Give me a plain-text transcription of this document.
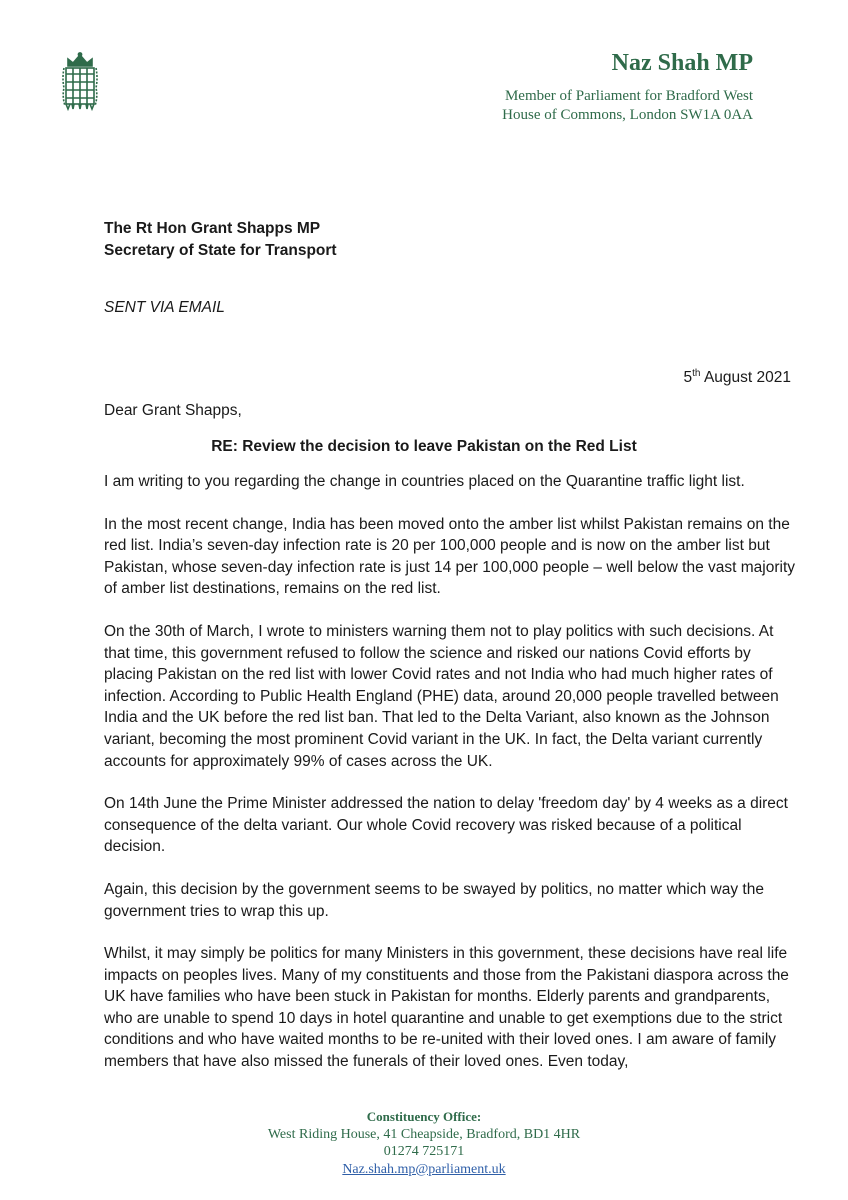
Naz Shah MP
Member of Parliament for Bradford West
House of Commons, London SW1A 0AA
The Rt Hon Grant Shapps MP
Secretary of State for Transport
SENT VIA EMAIL
5th August 2021
Dear Grant Shapps,
RE: Review the decision to leave Pakistan on the Red List

I am writing to you regarding the change in countries placed on the Quarantine traffic light list.

In the most recent change, India has been moved onto the amber list whilst Pakistan remains on the red list. India’s seven-day infection rate is 20 per 100,000 people and is now on the amber list but Pakistan, whose seven-day infection rate is just 14 per 100,000 people – well below the vast majority of amber list destinations, remains on the red list.

On the 30th of March, I wrote to ministers warning them not to play politics with such decisions. At that time, this government refused to follow the science and risked our nations Covid efforts by placing Pakistan on the red list with lower Covid rates and not India who had much higher rates of infection. According to Public Health England (PHE) data, around 20,000 people travelled between India and the UK before the red list ban. That led to the Delta Variant, also known as the Johnson variant, becoming the most prominent Covid variant in the UK. In fact, the Delta variant currently accounts for approximately 99% of cases across the UK.

On 14th June the Prime Minister addressed the nation to delay 'freedom day' by 4 weeks as a direct consequence of the delta variant. Our whole Covid recovery was risked because of a political decision.

Again, this decision by the government seems to be swayed by politics, no matter which way the government tries to wrap this up.

Whilst, it may simply be politics for many Ministers in this government, these decisions have real life impacts on peoples lives. Many of my constituents and those from the Pakistani diaspora across the UK have families who have been stuck in Pakistan for months. Elderly parents and grandparents, who are unable to spend 10 days in hotel quarantine and unable to get exemptions due to the strict conditions and who have waited months to be re-united with their loved ones. I am aware of family members that have also missed the funerals of their loved ones. Even today,

Constituency Office:
West Riding House, 41 Cheapside, Bradford, BD1 4HR
01274 725171
Naz.shah.mp@parliament.uk
